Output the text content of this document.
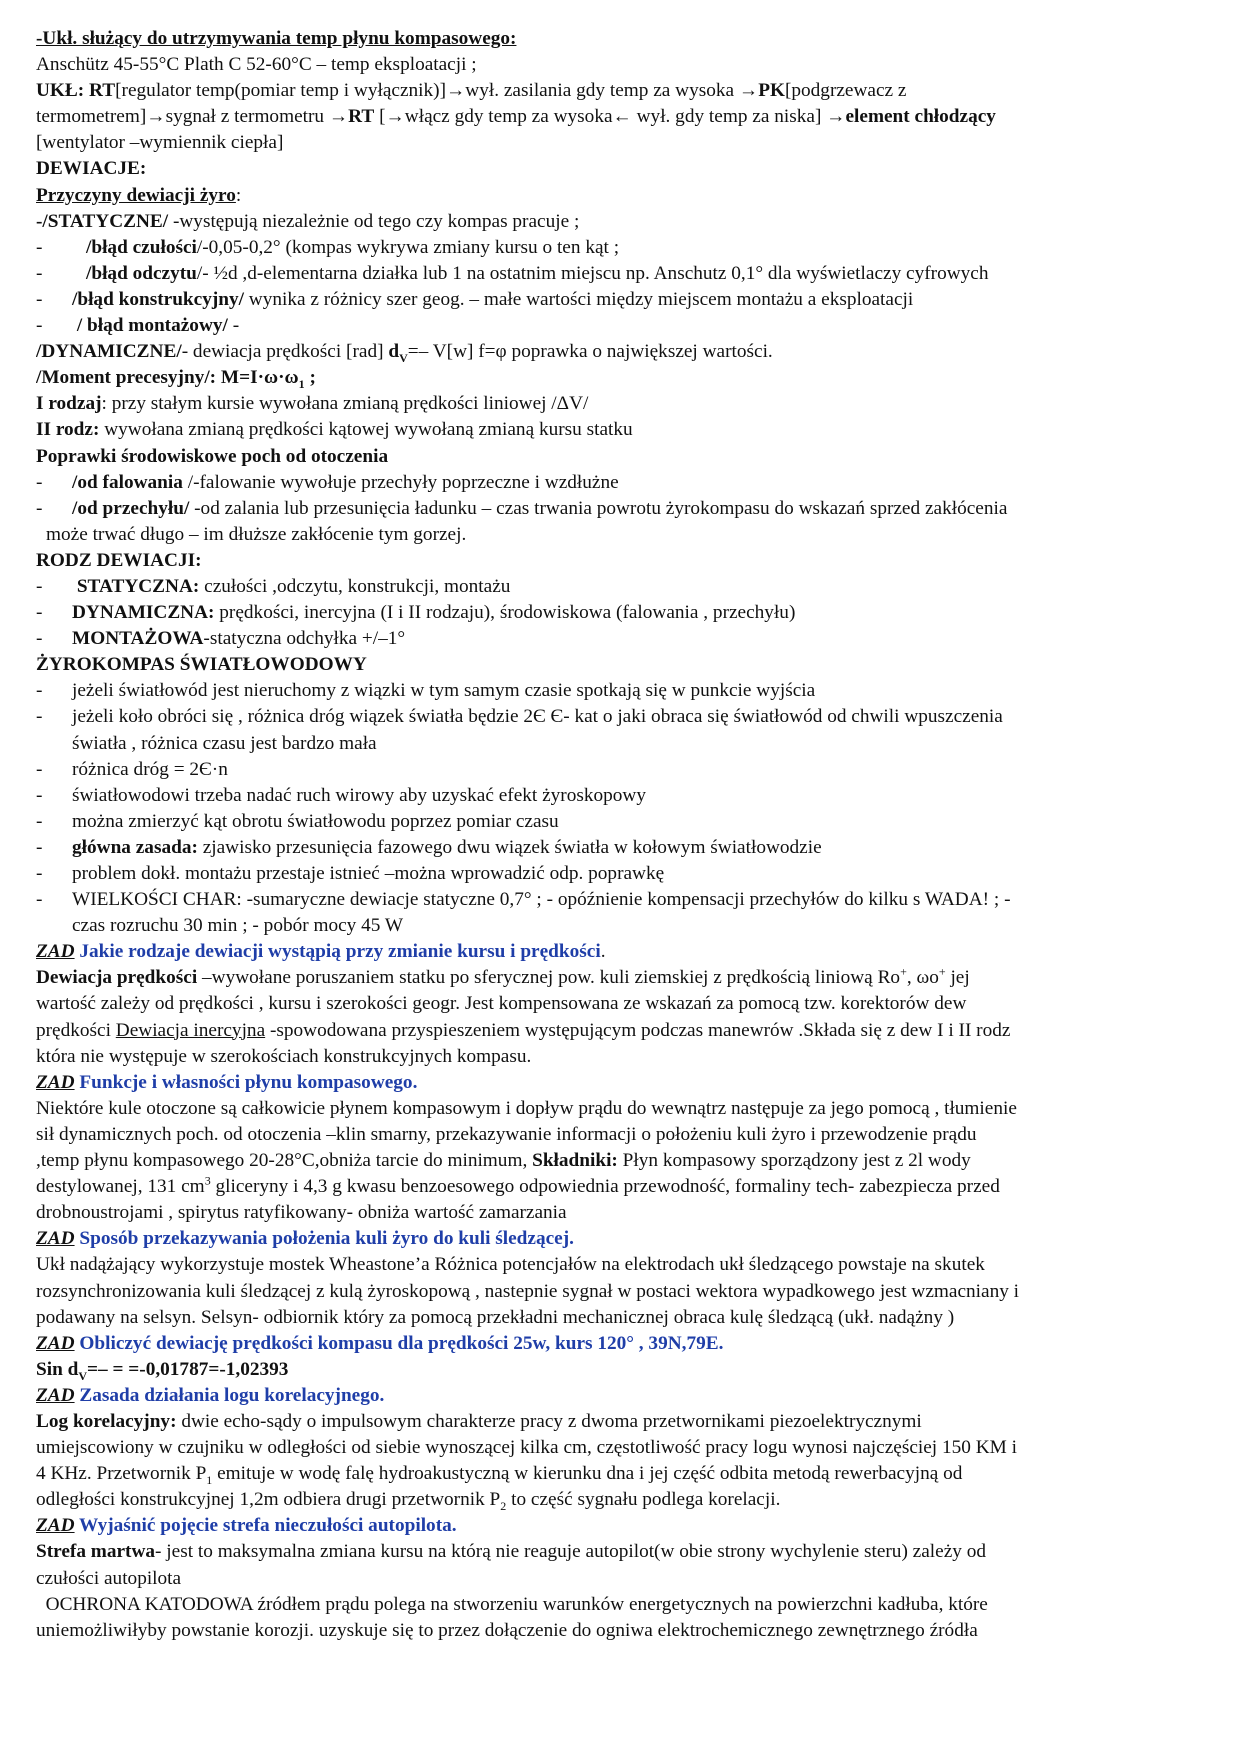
-Ukł. służący do utrzymywania temp płynu kompasowego:
Anschütz 45-55°C Plath C 52-60°C – temp eksploatacji ;
UKŁ: RT[regulator temp(pomiar temp i wyłącznik)]→wył. zasilania gdy temp za wysoka →PK[podgrzewacz z
termometrem]→sygnał z termometru →RT [→włącz gdy temp za wysoka← wył. gdy temp za niska] →element chłodzący
[wentylator –wymiennik ciepła]
DEWIACJE:
Przyczyny dewiacji żyro:
-/STATYCZNE/ -występują niezależnie od tego czy kompas pracuje ;
- /błąd czułości/-0,05-0,2° (kompas wykrywa zmiany kursu o ten kąt ;
- /błąd odczytu/- ½d ,d-elementarna działka lub 1 na ostatnim miejscu np. Anschutz 0,1° dla wyświetlaczy cyfrowych
- /błąd konstrukcyjny/ wynika z różnicy szer geog. – małe wartości między miejscem montażu a eksploatacji
- / błąd montażowy/ -
/DYNAMICZNE/- dewiacja prędkości [rad] $d_V=-$ V[w] f=φ poprawka o największej wartości.
/Moment precesyjny/: $M=I\cdot\omega\cdot\omega_1$ ;
I rodzaj: przy stałym kursie wywołana zmianą prędkości liniowej /ΔV/
II rodz: wywołana zmianą prędkości kątowej wywołaną zmianą kursu statku
Poprawki środowiskowe poch od otoczenia
- /od falowania /-falowanie wywołuje przechyły poprzeczne i wzdłużne
- /od przechyłu/ -od zalania lub przesunięcia ładunku – czas trwania powrotu żyrokompasu do wskazań sprzed zakłócenia
może trwać długo – im dłuższe zakłócenie tym gorzej.
RODZ DEWIACJI:
- STATYCZNA: czułości ,odczytu, konstrukcji, montażu
- DYNAMICZNA: prędkości, inercyjna (I i II rodzaju), środowiskowa (falowania , przechyłu)
- MONTAŻOWA-statyczna odchyłka +/–1°
ŻYROKOMPAS ŚWIATŁOWODOWY
- jeżeli światłowód jest nieruchomy z wiązki w tym samym czasie spotkają się w punkcie wyjścia
- jeżeli koło obróci się , różnica dróg wiązek światła będzie 2Є Є- kat o jaki obraca się światłowód od chwili wpuszczenia
światła , różnica czasu jest bardzo mała
- różnica dróg = 2Є·n
- światłowodowi trzeba nadać ruch wirowy aby uzyskać efekt żyroskopowy
- można zmierzyć kąt obrotu światłowodu poprzez pomiar czasu
- główna zasada: zjawisko przesunięcia fazowego dwu wiązek światła w kołowym światłowodzie
- problem dokł. montażu przestaje istnieć –można wprowadzić odp. poprawkę
- WIELKOŚCI CHAR: -sumaryczne dewiacje statyczne 0,7° ; - opóźnienie kompensacji przechyłów do kilku s WADA! ; -
czas rozruchu 30 min ; - pobór mocy 45 W
ZAD Jakie rodzaje dewiacji wystąpią przy zmianie kursu i prędkości.
Dewiacja prędkości –wywołane poruszaniem statku po sferycznej pow. kuli ziemskiej z prędkością liniową Ro+, ωo+ jej
wartość zależy od prędkości , kursu i szerokości geogr. Jest kompensowana ze wskazań za pomocą tzw. korektorów dew
prędkości Dewiacja inercyjna -spowodowana przyspieszeniem występującym podczas manewrów .Składa się z dew I i II rodz
która nie występuje w szerokościach konstrukcyjnych kompasu.
ZAD Funkcje i własności płynu kompasowego.
Niektóre kule otoczone są całkowicie płynem kompasowym i dopływ prądu do wewnątrz następuje za jego pomocą , tłumienie
sił dynamicznych poch. od otoczenia –klin smarny, przekazywanie informacji o położeniu kuli żyro i przewodzenie prądu
,temp płynu kompasowego 20-28°C,obniża tarcie do minimum, Składniki: Płyn kompasowy sporządzony jest z 2l wody
destylowanej, 131 $cm^3$ gliceryny i 4,3 g kwasu benzoesowego odpowiednia przewodność, formaliny tech- zabezpiecza przed
drobnoustrojami , spirytus ratyfikowany- obniża wartość zamarzania
ZAD Sposób przekazywania położenia kuli żyro do kuli śledzącej.
Ukł nadążający wykorzystuje mostek Wheastone’a Różnica potencjałów na elektrodach ukł śledzącego powstaje na skutek
rozsynchronizowania kuli śledzącej z kulą żyroskopową , nastepnie sygnał w postaci wektora wypadkowego jest wzmacniany i
podawany na selsyn. Selsyn- odbiornik który za pomocą przekładni mechanicznej obraca kulę śledzącą (ukł. nadążny )
ZAD Obliczyć dewiację prędkości kompasu dla prędkości 25w, kurs 120° , 39N,79E.
Sin $d_V=- = =-0,01787=-1,02393$
ZAD Zasada działania logu korelacyjnego.
Log korelacyjny: dwie echo-sądy o impulsowym charakterze pracy z dwoma przetwornikami piezoelektrycznymi
umiejscowiony w czujniku w odległości od siebie wynoszącej kilka cm, częstotliwość pracy logu wynosi najczęściej 150 KM i
4 KHz. Przetwornik $P_1$ emituje w wodę falę hydroakustyczną w kierunku dna i jej część odbita metodą rewerbacyjną od
odległości konstrukcyjnej 1,2m odbiera drugi przetwornik $P_2$ to część sygnału podlega korelacji.
ZAD Wyjaśnić pojęcie strefa nieczułości autopilota.
Strefa martwa- jest to maksymalna zmiana kursu na którą nie reaguje autopilot(w obie strony wychylenie steru) zależy od
czułości autopilota
OCHRONA KATODOWA źródłem prądu polega na stworzeniu warunków energetycznych na powierzchni kadłuba, które
uniemożliwiłyby powstanie korozji. uzyskuje się to przez dołączenie do ogniwa elektrochemicznego zewnętrznego źródła
